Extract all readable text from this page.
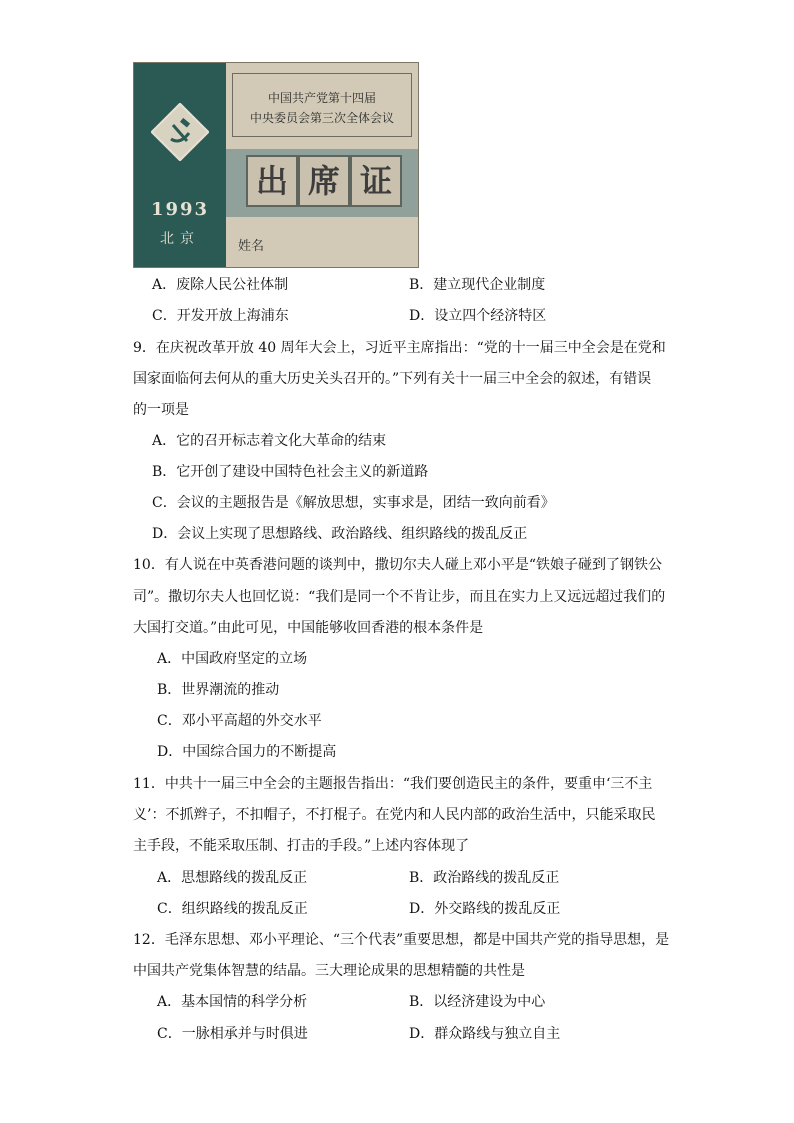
1993
北京
中国共产党第十四届
中央委员会第三次全体会议
出 席 证
姓名
A．废除人民公社体制	B．建立现代企业制度
C．开发开放上海浦东	D．设立四个经济特区
9．在庆祝改革开放 40 周年大会上，习近平主席指出：“党的十一届三中全会是在党和
国家面临何去何从的重大历史关头召开的。”下列有关十一届三中全会的叙述，有错误
的一项是
A．它的召开标志着文化大革命的结束
B．它开创了建设中国特色社会主义的新道路
C．会议的主题报告是《解放思想，实事求是，团结一致向前看》
D．会议上实现了思想路线、政治路线、组织路线的拨乱反正
10．有人说在中英香港问题的谈判中，撒切尔夫人碰上邓小平是“铁娘子碰到了钢铁公
司”。撒切尔夫人也回忆说：“我们是同一个不肯让步，而且在实力上又远远超过我们的
大国打交道。”由此可见，中国能够收回香港的根本条件是
A．中国政府坚定的立场
B．世界潮流的推动
C．邓小平高超的外交水平
D．中国综合国力的不断提高
11．中共十一届三中全会的主题报告指出：“我们要创造民主的条件，要重申‘三不主
义’：不抓辫子，不扣帽子，不打棍子。在党内和人民内部的政治生活中，只能采取民
主手段，不能采取压制、打击的手段。”上述内容体现了
A．思想路线的拨乱反正	B．政治路线的拨乱反正
C．组织路线的拨乱反正	D．外交路线的拨乱反正
12．毛泽东思想、邓小平理论、“三个代表”重要思想，都是中国共产党的指导思想，是
中国共产党集体智慧的结晶。三大理论成果的思想精髓的共性是
A．基本国情的科学分析	B．以经济建设为中心
C．一脉相承并与时俱进	D．群众路线与独立自主
